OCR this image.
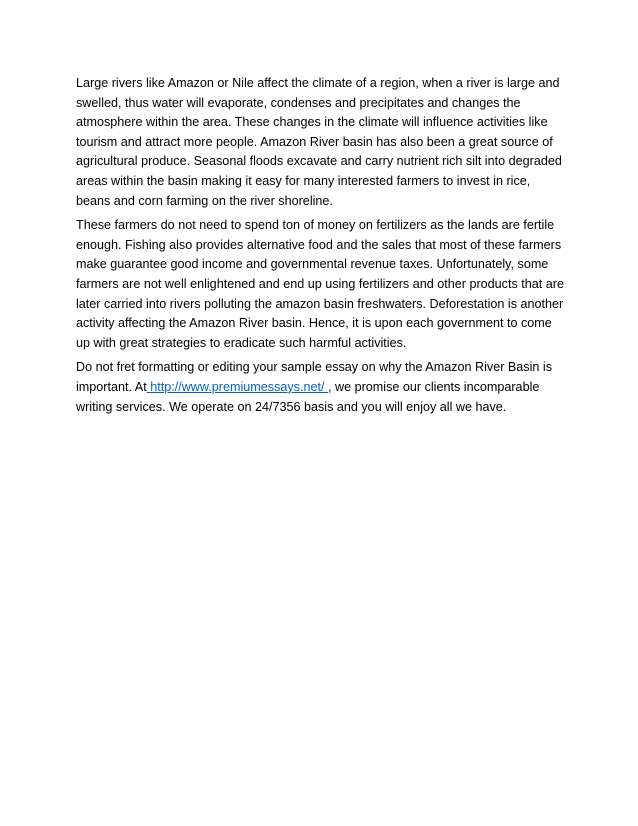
Large rivers like Amazon or Nile affect the climate of a region, when a river is large and swelled, thus water will evaporate, condenses and precipitates and changes the atmosphere within the area. These changes in the climate will influence activities like tourism and attract more people. Amazon River basin has also been a great source of agricultural produce. Seasonal floods excavate and carry nutrient rich silt into degraded areas within the basin making it easy for many interested farmers to invest in rice, beans and corn farming on the river shoreline.

These farmers do not need to spend ton of money on fertilizers as the lands are fertile enough. Fishing also provides alternative food and the sales that most of these farmers make guarantee good income and governmental revenue taxes. Unfortunately, some farmers are not well enlightened and end up using fertilizers and other products that are later carried into rivers polluting the amazon basin freshwaters. Deforestation is another activity affecting the Amazon River basin. Hence, it is upon each government to come up with great strategies to eradicate such harmful activities.

Do not fret formatting or editing your sample essay on why the Amazon River Basin is important. At http://www.premiumessays.net/ , we promise our clients incomparable writing services. We operate on 24/7356 basis and you will enjoy all we have.
